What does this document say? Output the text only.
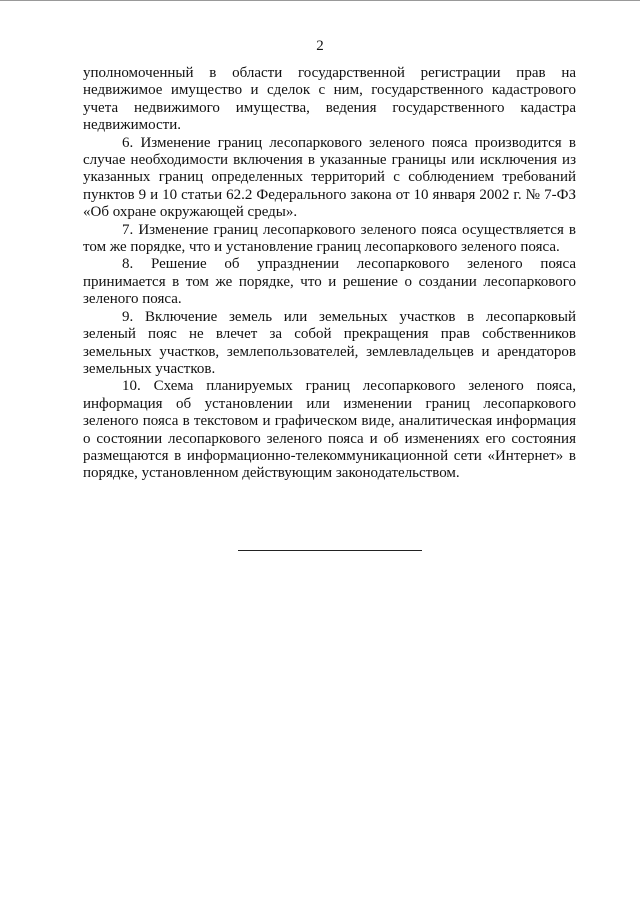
2

уполномоченный в области государственной регистрации прав на недвижимое имущество и сделок с ним, государственного кадастрового учета недвижимого имущества, ведения государственного кадастра недвижимости.

6. Изменение границ лесопаркового зеленого пояса производится в случае необходимости включения в указанные границы или исключения из указанных границ определенных территорий с соблюдением требований пунктов 9 и 10 статьи 62.2 Федерального закона от 10 января 2002 г. № 7-ФЗ «Об охране окружающей среды».

7. Изменение границ лесопаркового зеленого пояса осуществляется в том же порядке, что и установление границ лесопаркового зеленого пояса.

8. Решение об упразднении лесопаркового зеленого пояса принимается в том же порядке, что и решение о создании лесопаркового зеленого пояса.

9. Включение земель или земельных участков в лесопарковый зеленый пояс не влечет за собой прекращения прав собственников земельных участков, землепользователей, землевладельцев и арендаторов земельных участков.

10. Схема планируемых границ лесопаркового зеленого пояса, информация об установлении или изменении границ лесопаркового зеленого пояса в текстовом и графическом виде, аналитическая информация о состоянии лесопаркового зеленого пояса и об изменениях его состояния размещаются в информационно-телекоммуникационной сети «Интернет» в порядке, установленном действующим законодательством.
